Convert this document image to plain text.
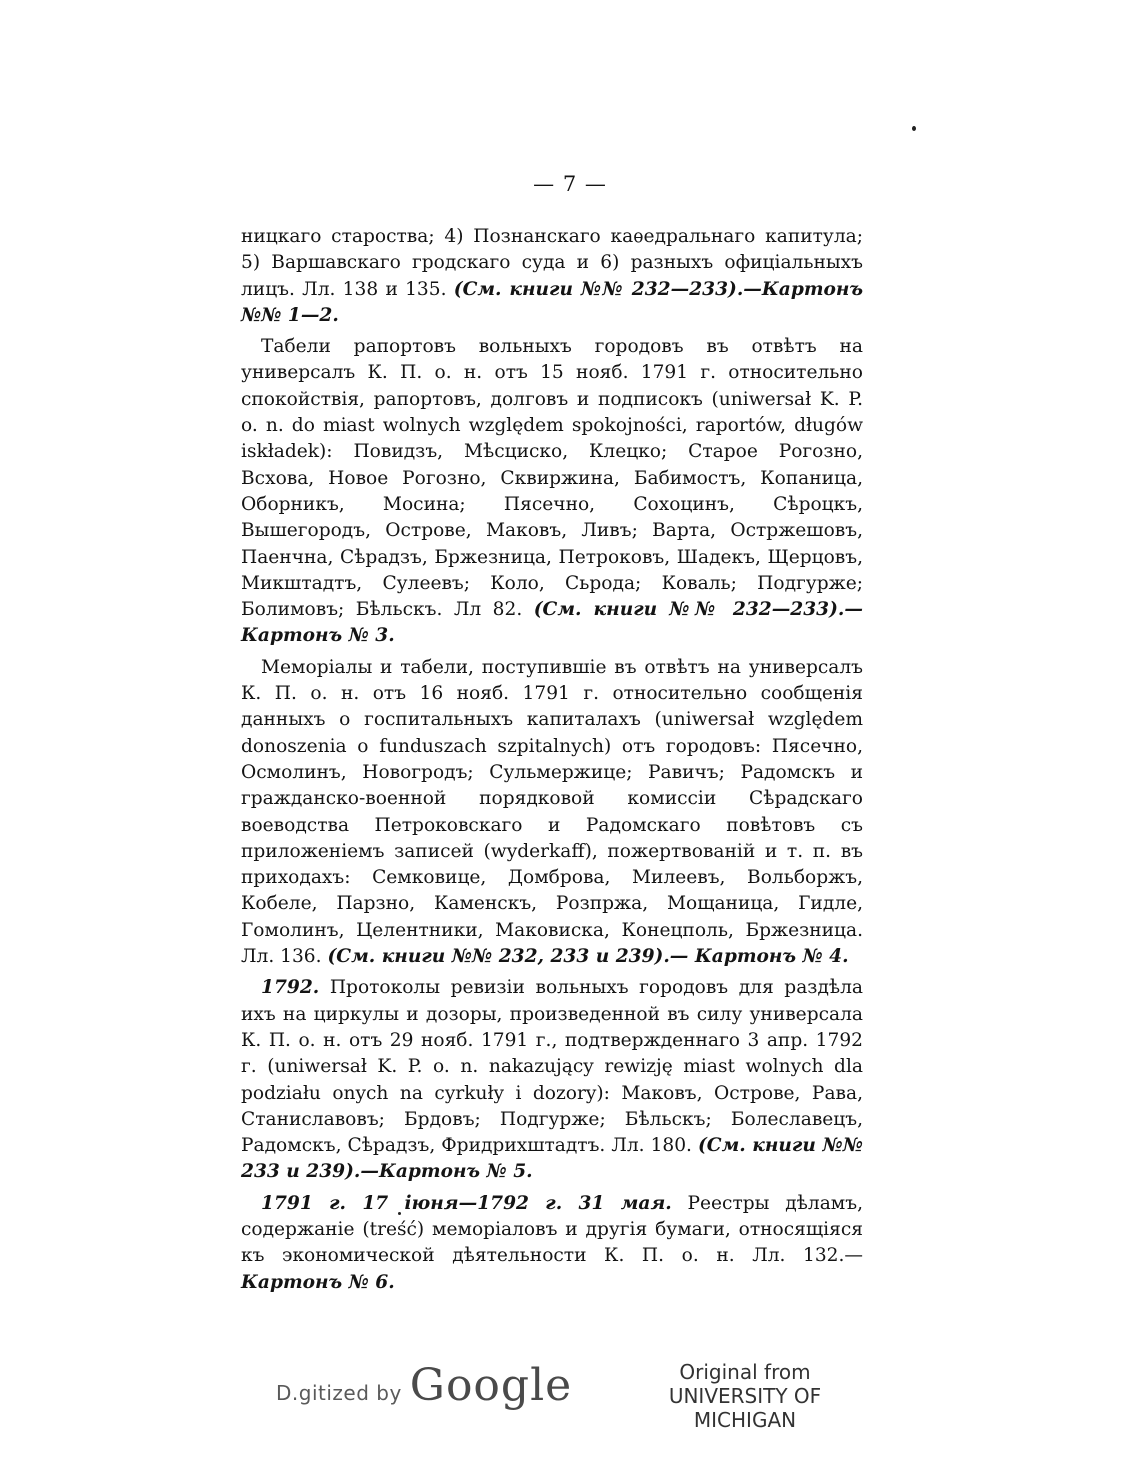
— 7 —

ницкаго староства; 4) Познанскаго каѳедральнаго капитула; 5) Варшавскаго гродскаго суда и 6) разныхъ офиціальныхъ лицъ. Лл. 138 и 135. (См. книги №№ 232—233).—Картонъ №№ 1—2.

Табели рапортовъ вольныхъ городовъ въ отвѣтъ на универсалъ К. П. о. н. отъ 15 нояб. 1791 г. относительно спокойствія, рапортовъ, долговъ и подписокъ (uniwersał K. P. o. n. do miast wolnych względem spokojności, raportów, długów iskładek): Повидзъ, Мѣсциско, Клецко; Старое Рогозно, Всхова, Новое Рогозно, Сквиржина, Бабимостъ, Копаница, Оборникъ, Мосина; Пясечно, Сохоцинъ, Сѣроцкъ, Вышегородъ, Острове, Маковъ, Ливъ; Варта, Остржешовъ, Паенчна, Сѣрадзъ, Бржезница, Петроковъ, Шадекъ, Щерцовъ, Микштадтъ, Сулеевъ; Коло, Сьрода; Коваль; Подгурже; Болимовъ; Бѣльскъ. Лл 82. (См. книги №№ 232—233).—Картонъ № 3.

Меморіалы и табели, поступившіе въ отвѣтъ на универсалъ К. П. о. н. отъ 16 нояб. 1791 г. относительно сообщенія данныхъ о госпитальныхъ капиталахъ (uniwersał względem donoszenia o funduszach szpitalnych) отъ городовъ: Пясечно, Осмолинъ, Новогродъ; Сульмержице; Равичъ; Радомскъ и гражданско-военной порядковой комиссіи Сѣрадскаго воеводства Петроковскаго и Радомскаго повѣтовъ съ приложеніемъ записей (wyderkaff), пожертвованій и т. п. въ приходахъ: Семковице, Домброва, Милеевъ, Вольборжъ, Кобеле, Парзно, Каменскъ, Розпржа, Мощаница, Гидле, Гомолинъ, Целентники, Маковиска, Конецполь, Бржезница. Лл. 136. (См. книги №№ 232, 233 и 239).— Картонъ № 4.

1792. Протоколы ревизіи вольныхъ городовъ для раздѣла ихъ на циркулы и дозоры, произведенной въ силу универсала К. П. о. н. отъ 29 нояб. 1791 г., подтвержденнаго 3 апр. 1792 г. (uniwersał K. P. o. n. nakazujący rewizję miast wolnych dla podziału onych na cyrkuły i dozory): Маковъ, Острове, Рава, Станиславовъ; Брдовъ; Подгурже; Бѣльскъ; Болеславецъ, Радомскъ, Сѣрадзъ, Фридрихштадтъ. Лл. 180. (См. книги №№ 233 и 239).—Картонъ № 5.

1791 г. 17 іюня—1792 г. 31 мая. Реестры дѣламъ, содержаніе (treść) меморіаловъ и другія бумаги, относящіяся къ экономической дѣятельности К. П. о. н. Лл. 132.— Картонъ № 6.

D.gitized by Google	Original from
UNIVERSITY OF MICHIGAN
